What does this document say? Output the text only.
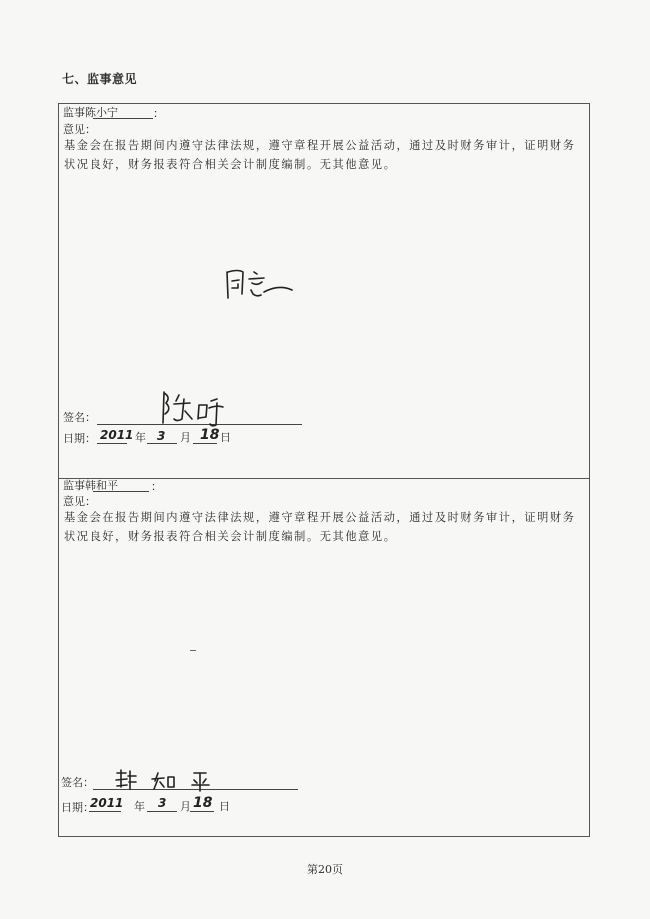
七、监事意见
监事陈小宁	：
意见：
基金会在报告期间内遵守法律法规，遵守章程开展公益活动，通过及时财务审计，证明财务状况良好，财务报表符合相关会计制度编制。无其他意见。
签名：
日期： 2011 年 3 月 18 日
监事韩和平	：
意见：
基金会在报告期间内遵守法律法规，遵守章程开展公益活动，通过及时财务审计，证明财务状况良好，财务报表符合相关会计制度编制。无其他意见。
签名：
日期：
2011 年 3 月 18 日
第20页
